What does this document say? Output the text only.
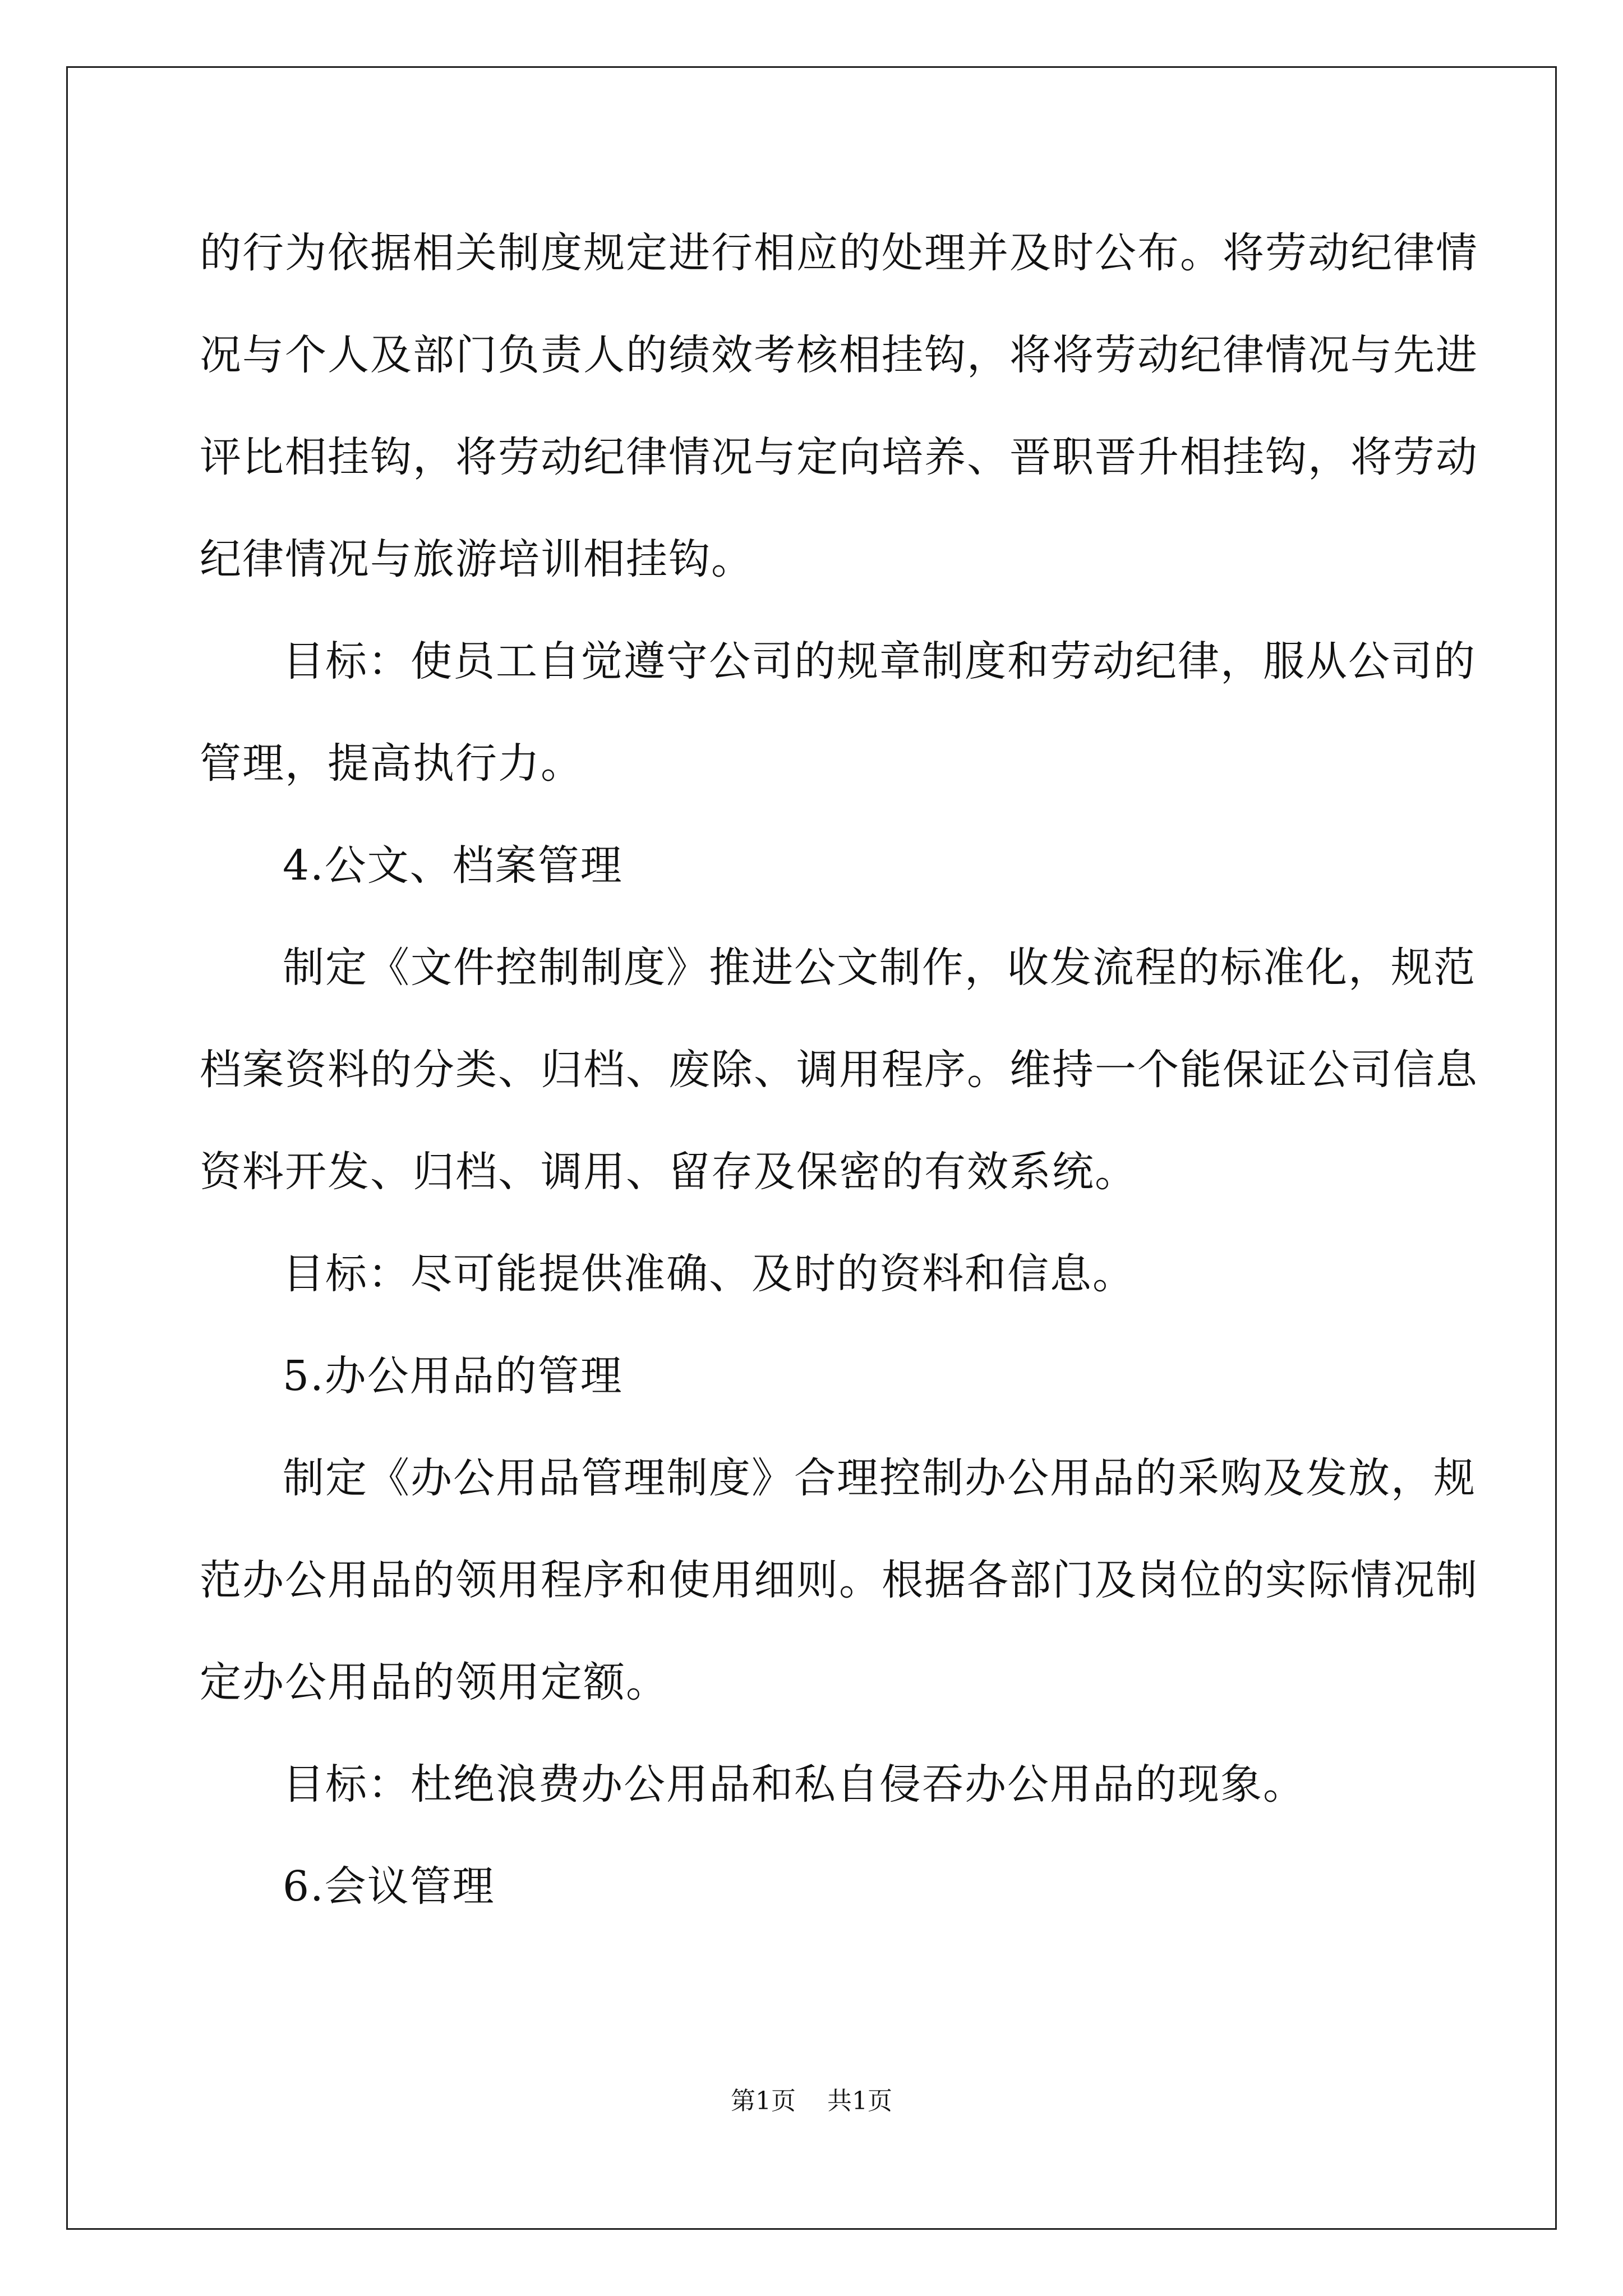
的行为依据相关制度规定进行相应的处理并及时公布。将劳动纪律情
况与个人及部门负责人的绩效考核相挂钩，将将劳动纪律情况与先进
评比相挂钩，将劳动纪律情况与定向培养、晋职晋升相挂钩，将劳动
纪律情况与旅游培训相挂钩。
目标：使员工自觉遵守公司的规章制度和劳动纪律，服从公司的
管理，提高执行力。
4.公文、档案管理
制定《文件控制制度》推进公文制作，收发流程的标准化，规范
档案资料的分类、归档、废除、调用程序。维持一个能保证公司信息
资料开发、归档、调用、留存及保密的有效系统。
目标：尽可能提供准确、及时的资料和信息。
5.办公用品的管理
制定《办公用品管理制度》合理控制办公用品的采购及发放，规
范办公用品的领用程序和使用细则。根据各部门及岗位的实际情况制
定办公用品的领用定额。
目标：杜绝浪费办公用品和私自侵吞办公用品的现象。
6.会议管理
第1页 共1页
